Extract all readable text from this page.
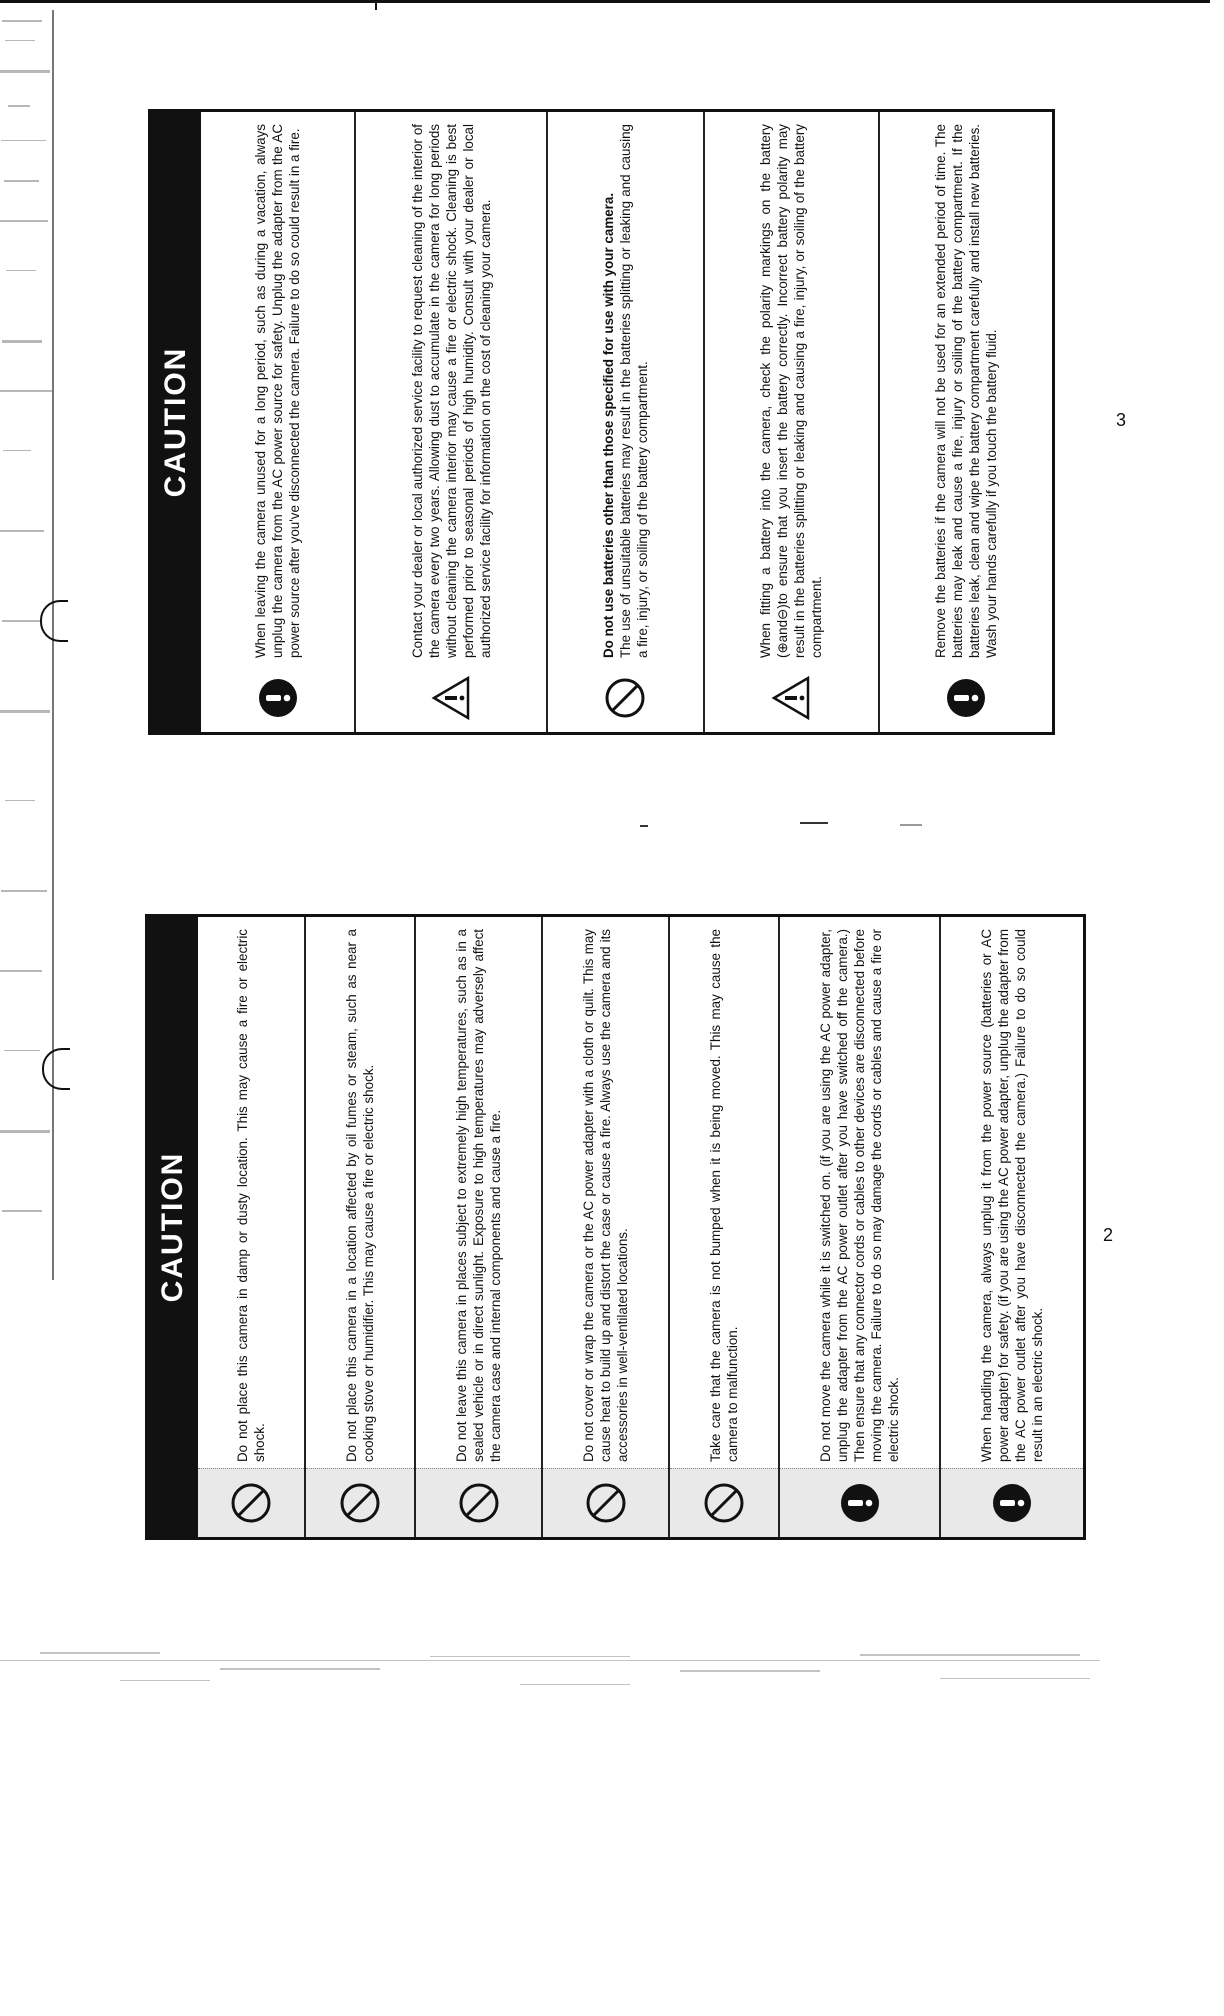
CAUTION	Do not place this camera in damp or dusty location. This may cause a fire or electric shock.	Do not place this camera in a location affected by oil fumes or steam, such as near a cooking stove or humidifier. This may cause a fire or electric shock.	Do not leave this camera in places subject to extremely high temperatures, such as in a sealed vehicle or in direct sunlight. Exposure to high temperatures may adversely affect the camera case and internal components and cause a fire.	Do not cover or wrap the camera or the AC power adapter with a cloth or quilt. This may cause heat to build up and distort the case or cause a fire. Always use the camera and its accessories in well-ventilated locations.	Take care that the camera is not bumped when it is being moved. This may cause the camera to malfunction.	Do not move the camera while it is switched on. (if you are using the AC power adapter, unplug the adapter from the AC power outlet after you have switched off the camera.) Then ensure that any connector cords or cables to other devices are disconnected before moving the camera. Failure to do so may damage the cords or cables and cause a fire or electric shock.	When handling the camera, always unplug it from the power source (batteries or AC power adapter) for safety. (if you are using the AC power adapter, unplug the adapter from the AC power outlet after you have disconnected the camera.) Failure to do so could result in an electric shock.
2
CAUTION	When leaving the camera unused for a long period, such as during a vacation, always unplug the camera from the AC power source for safety. Unplug the adapter from the AC power source after you've disconnected the camera. Failure to do so could result in a fire.	Contact your dealer or local authorized service facility to request cleaning of the interior of the camera every two years. Allowing dust to accumulate in the camera for long periods without cleaning the camera interior may cause a fire or electric shock. Cleaning is best performed prior to seasonal periods of high humidity. Consult with your dealer or local authorized service facility for information on the cost of cleaning your camera.	Do not use batteries other than those specified for use with your camera. The use of unsuitable batteries may result in the batteries splitting or leaking and causing a fire, injury, or soiling of the battery compartment.	When fitting a battery into the camera, check the polarity markings on the battery (⊕and⊖)to ensure that you insert the battery correctly. Incorrect battery polarity may result in the batteries splitting or leaking and causing a fire, injury, or soiling of the battery compartment.	Remove the batteries if the camera will not be used for an extended period of time. The batteries may leak and cause a fire, injury or soiling of the battery compartment. If the batteries leak, clean and wipe the battery compartment carefully and install new batteries. Wash your hands carefully if you touch the battery fluid.	3
